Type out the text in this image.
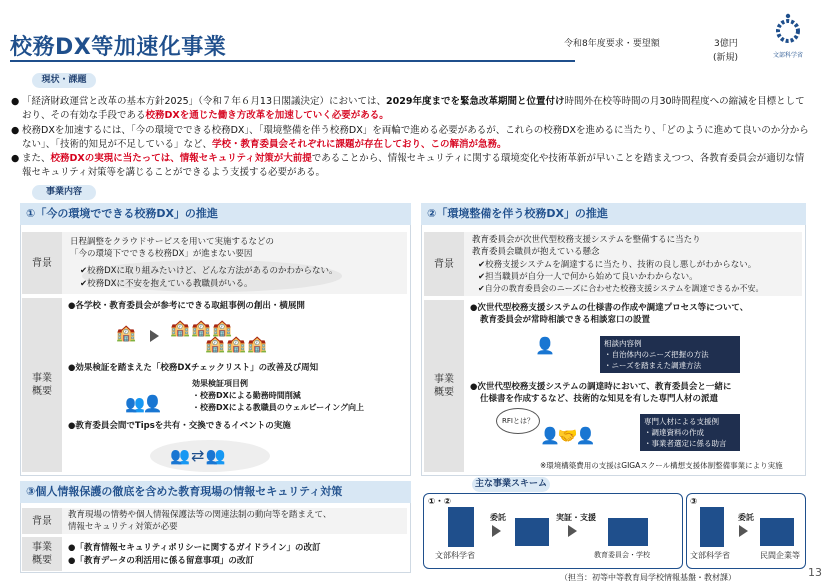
校務DX等加速化事業	令和8年度要求・要望額	3億円
(新規)	文部科学省
現状・課題
● 「経済財政運営と改革の基本方針2025」（令和７年６月13日閣議決定）においては、2029年度までを緊急改革期間と位置付け時間外在校等時間の月30時間程度への縮減を目標としており、その有効な手段である校務DXを通じた働き方改革を加速していく必要がある。
● 校務DXを加速するには、「今の環境でできる校務DX」、「環境整備を伴う校務DX」を両輪で進める必要があるが、これらの校務DXを進めるに当たり、「どのように進めて良いのか分からない」、「技術的知見が不足している」など、学校・教育委員会それぞれに課題が存在しており、この解消が急務。
● また、校務DXの実現に当たっては、情報セキュリティ対策が大前提であることから、情報セキュリティに関する環境変化や技術革新が早いことを踏まえつつ、各教育委員会が適切な情報セキュリティ対策等を講じることができるよう支援する必要がある。
事業内容
①「今の環境でできる校務DX」の推進
背景
日程調整をクラウドサービスを用いて実施するなどの
「今の環境下でできる校務DX」が進まない要因
✔校務DXに取り組みたいけど、どんな方法があるのかわからない。
✔校務DXに不安を抱えている教職員がいる。
事業
概要
●各学校・教育委員会が参考にできる取組事例の創出・横展開
🏫 🏫 🏫 🏫
🏫 🏫 🏫
●効果検証を踏まえた「校務DXチェックリスト」の改善及び周知
👥👤
効果検証項目例
・校務DXによる勤務時間削減
・校務DXによる教職員のウェルビーイング向上
●教育委員会間でTipsを共有・交換できるイベントの実施
👥 ⇄ 👥
②「環境整備を伴う校務DX」の推進
背景
教育委員会が次世代型校務支援システムを整備するに当たり
教育委員会職員が抱えている懸念
✔校務支援システムを調達するに当たり、技術の良し悪しがわからない。
✔担当職員が自分一人で何から始めて良いかわからない。
✔自分の教育委員会のニーズに合わせた校務支援システムを調達できるか不安。
事業
概要
●次世代型校務支援システムの仕様書の作成や調達プロセス等について、
教育委員会が常時相談できる相談窓口の設置
👤	相談内容例
・自治体内のニーズ把握の方法
・ニーズを踏まえた調達方法
●次世代型校務支援システムの調達時において、教育委員会と一緒に
仕様書を作成するなど、技術的な知見を有した専門人材の派遣
RFIとは？
👤🤝👤
専門人材による支援例
・調達資料の作成
・事業者選定に係る助言
※環境構築費用の支援はGIGAスクール構想支援体制整備事業により実施
③個人情報保護の徹底を含めた教育現場の情報セキュリティ対策
背景
教育現場の情勢や個人情報保護法等の関連法制の動向等を踏まえて、
情報セキュリティ対策が必要
事業
概要
●「教育情報セキュリティポリシーに関するガイドライン」の改訂
●「教育データの利活用に係る留意事項」の改訂
主な事業スキーム
①・②	③
文部科学省
委託	実証・支援
教育委員会・学校	文部科学省
委託
民間企業等
（担当：初等中等教育局学校情報基盤・教材課）	13
